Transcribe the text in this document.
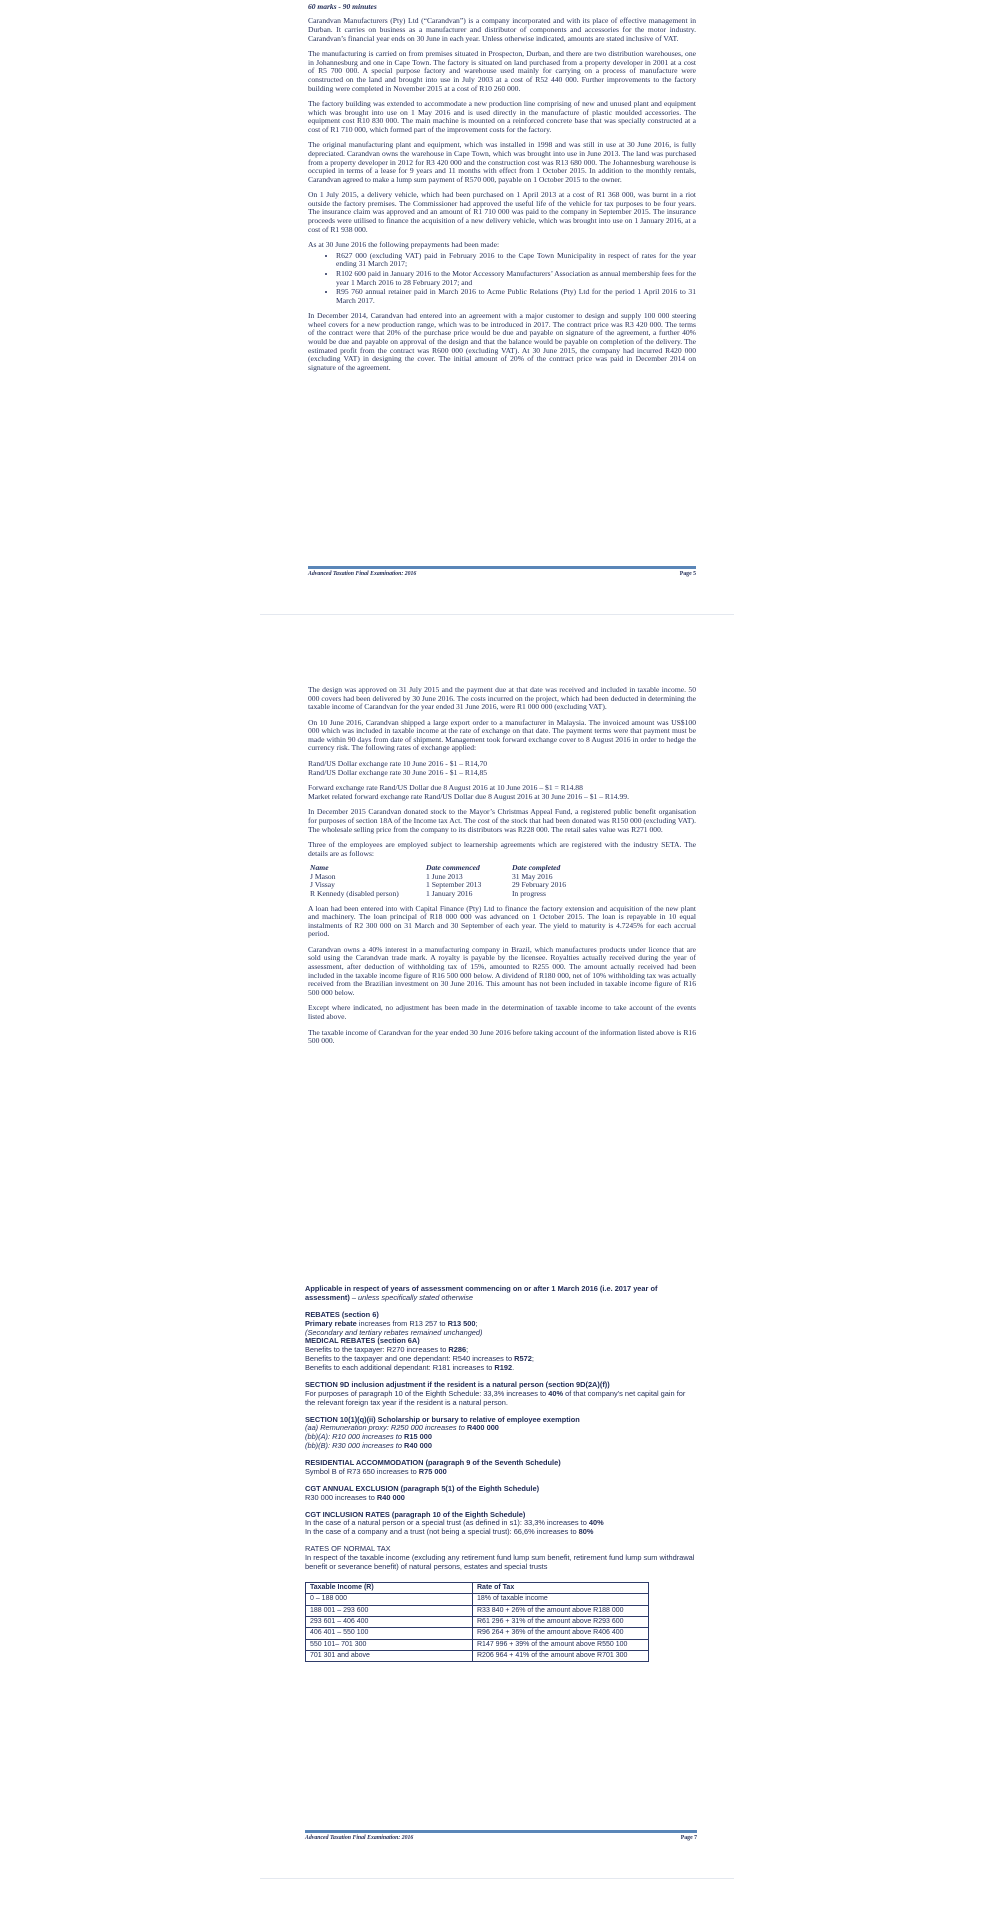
60 marks - 90 minutes

Carandvan Manufacturers (Pty) Ltd (“Carandvan”) is a company incorporated and with its place of effective management in Durban. It carries on business as a manufacturer and distributor of components and accessories for the motor industry. Carandvan’s financial year ends on 30 June in each year. Unless otherwise indicated, amounts are stated inclusive of VAT.

The manufacturing is carried on from premises situated in Prospecton, Durban, and there are two distribution warehouses, one in Johannesburg and one in Cape Town. The factory is situated on land purchased from a property developer in 2001 at a cost of R5 700 000. A special purpose factory and warehouse used mainly for carrying on a process of manufacture were constructed on the land and brought into use in July 2003 at a cost of R52 440 000. Further improvements to the factory building were completed in November 2015 at a cost of R10 260 000.

The factory building was extended to accommodate a new production line comprising of new and unused plant and equipment which was brought into use on 1 May 2016 and is used directly in the manufacture of plastic moulded accessories. The equipment cost R10 830 000. The main machine is mounted on a reinforced concrete base that was specially constructed at a cost of R1 710 000, which formed part of the improvement costs for the factory.

The original manufacturing plant and equipment, which was installed in 1998 and was still in use at 30 June 2016, is fully depreciated. Carandvan owns the warehouse in Cape Town, which was brought into use in June 2013. The land was purchased from a property developer in 2012 for R3 420 000 and the construction cost was R13 680 000. The Johannesburg warehouse is occupied in terms of a lease for 9 years and 11 months with effect from 1 October 2015. In addition to the monthly rentals, Carandvan agreed to make a lump sum payment of R570 000, payable on 1 October 2015 to the owner.

On 1 July 2015, a delivery vehicle, which had been purchased on 1 April 2013 at a cost of R1 368 000, was burnt in a riot outside the factory premises. The Commissioner had approved the useful life of the vehicle for tax purposes to be four years. The insurance claim was approved and an amount of R1 710 000 was paid to the company in September 2015. The insurance proceeds were utilised to finance the acquisition of a new delivery vehicle, which was brought into use on 1 January 2016, at a cost of R1 938 000.

As at 30 June 2016 the following prepayments had been made:

• R627 000 (excluding VAT) paid in February 2016 to the Cape Town Municipality in respect of rates for the year ending 31 March 2017;
• R102 600 paid in January 2016 to the Motor Accessory Manufacturers’ Association as annual membership fees for the year 1 March 2016 to 28 February 2017; and
• R95 760 annual retainer paid in March 2016 to Acme Public Relations (Pty) Ltd for the period 1 April 2016 to 31 March 2017.

In December 2014, Carandvan had entered into an agreement with a major customer to design and supply 100 000 steering wheel covers for a new production range, which was to be introduced in 2017. The contract price was R3 420 000. The terms of the contract were that 20% of the purchase price would be due and payable on signature of the agreement, a further 40% would be due and payable on approval of the design and that the balance would be payable on completion of the delivery. The estimated profit from the contract was R600 000 (excluding VAT). At 30 June 2015, the company had incurred R420 000 (excluding VAT) in designing the cover. The initial amount of 20% of the contract price was paid in December 2014 on signature of the agreement.

Advanced Taxation Final Examination: 2016	Page 5

The design was approved on 31 July 2015 and the payment due at that date was received and included in taxable income. 50 000 covers had been delivered by 30 June 2016. The costs incurred on the project, which had been deducted in determining the taxable income of Carandvan for the year ended 31 June 2016, were R1 000 000 (excluding VAT).

On 10 June 2016, Carandvan shipped a large export order to a manufacturer in Malaysia. The invoiced amount was US$100 000 which was included in taxable income at the rate of exchange on that date. The payment terms were that payment must be made within 90 days from date of shipment. Management took forward exchange cover to 8 August 2016 in order to hedge the currency risk. The following rates of exchange applied:

Rand/US Dollar exchange rate 10 June 2016 - $1 – R14,70

Rand/US Dollar exchange rate 30 June 2016 - $1 – R14,85

Forward exchange rate Rand/US Dollar due 8 August 2016 at 10 June 2016 – $1 = R14.88

Market related forward exchange rate Rand/US Dollar due 8 August 2016 at 30 June 2016 – $1 – R14.99.

In December 2015 Carandvan donated stock to the Mayor’s Christmas Appeal Fund, a registered public benefit organisation for purposes of section 18A of the Income tax Act. The cost of the stock that had been donated was R150 000 (excluding VAT). The wholesale selling price from the company to its distributors was R228 000. The retail sales value was R271 000.

Three of the employees are employed subject to learnership agreements which are registered with the industry SETA. The details are as follows:

Name	Date commenced	Date completed
J Mason	1 June 2013	31 May 2016
J Vissay	1 September 2013	29 February 2016
R Kennedy (disabled person)	1 January 2016	In progress

A loan had been entered into with Capital Finance (Pty) Ltd to finance the factory extension and acquisition of the new plant and machinery. The loan principal of R18 000 000 was advanced on 1 October 2015. The loan is repayable in 10 equal instalments of R2 300 000 on 31 March and 30 September of each year. The yield to maturity is 4.7245% for each accrual period.

Carandvan owns a 40% interest in a manufacturing company in Brazil, which manufactures products under licence that are sold using the Carandvan trade mark. A royalty is payable by the licensee. Royalties actually received during the year of assessment, after deduction of withholding tax of 15%, amounted to R255 000. The amount actually received had been included in the taxable income figure of R16 500 000 below. A dividend of R180 000, net of 10% withholding tax was actually received from the Brazilian investment on 30 June 2016. This amount has not been included in taxable income figure of R16 500 000 below.

Except where indicated, no adjustment has been made in the determination of taxable income to take account of the events listed above.

The taxable income of Carandvan for the year ended 30 June 2016 before taking account of the information listed above is R16 500 000.

Applicable in respect of years of assessment commencing on or after 1 March 2016 (i.e. 2017 year of assessment) – unless specifically stated otherwise
REBATES (section 6)
Primary rebate increases from R13 257 to R13 500;
(Secondary and tertiary rebates remained unchanged)
MEDICAL REBATES (section 6A)
Benefits to the taxpayer: R270 increases to R286;
Benefits to the taxpayer and one dependant: R540 increases to R572;
Benefits to each additional dependant: R181 increases to R192.
SECTION 9D inclusion adjustment if the resident is a natural person (section 9D(2A)(f))
For purposes of paragraph 10 of the Eighth Schedule: 33,3% increases to 40% of that company’s net capital gain for the relevant foreign tax year if the resident is a natural person.
SECTION 10(1)(q)(ii) Scholarship or bursary to relative of employee exemption
(aa) Remuneration proxy: R250 000 increases to R400 000
(bb)(A): R10 000 increases to R15 000
(bb)(B): R30 000 increases to R40 000
RESIDENTIAL ACCOMMODATION (paragraph 9 of the Seventh Schedule)
Symbol B of R73 650 increases to R75 000
CGT ANNUAL EXCLUSION (paragraph 5(1) of the Eighth Schedule)
R30 000 increases to R40 000
CGT INCLUSION RATES (paragraph 10 of the Eighth Schedule)
In the case of a natural person or a special trust (as defined in s1): 33,3% increases to 40%
In the case of a company and a trust (not being a special trust): 66,6% increases to 80%
RATES OF NORMAL TAX
In respect of the taxable income (excluding any retirement fund lump sum benefit, retirement fund lump sum withdrawal benefit or severance benefit) of natural persons, estates and special trusts
Taxable Income (R)	Rate of Tax
0 – 188 000	18% of taxable income
188 001 – 293 600	R33 840 + 26% of the amount above R188 000
293 601 – 406 400	R61 296 + 31% of the amount above R293 600
406 401 – 550 100	R96 264 + 36% of the amount above R406 400
550 101– 701 300	R147 996 + 39% of the amount above R550 100
701 301 and above	R206 964 + 41% of the amount above R701 300
Advanced Taxation Final Examination: 2016	Page 7
